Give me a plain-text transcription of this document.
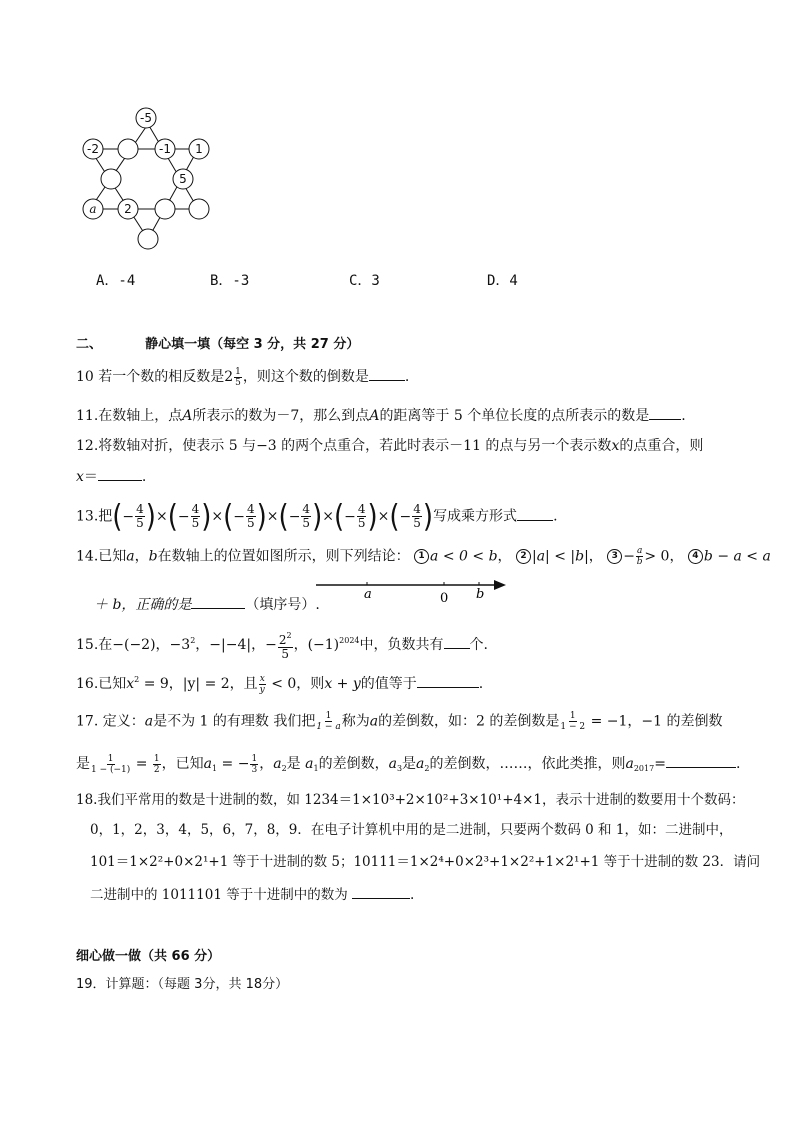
-5
-2	-1 1
5
a 2
A．-4	B．-3	C．3	D．4
二、	静心填一填（每空 3 分，共 27 分）
10 若一个数的相反数是$2 \frac{1}{5}$ ，则这个数的倒数是	.
11.在数轴上，点A所表示的数为－7，那么到点A的距离等于 5 个单位长度的点所表示的数是 .
12.将数轴对折，使表示 5 与−3 的两个点重合，若此时表示－11 的点与另一个表示数x的点重合，则
x＝	.
13.把(− $\frac{4}{5}$ )×(− $\frac{4}{5}$ )×(− $\frac{4}{5}$ )×(− $\frac{4}{5}$ )×(− $\frac{4}{5}$ )×(− $\frac{4}{5}$ )写成乘方形式	.
14.已知a，b在数轴上的位置如图所示，则下列结论： 1 a < 0 < b， 2 |a| < |b|， $3 - \frac{a}{b} > 0$， 4 b − a < a
＋ b，正确的是	（填序号）.
a	0 b
15.在−(−2)，$-3^2$，−|−4|，− $\frac{2^2}{5}$ ，$(-1)^{2024}$中，负数共有 个.
16.已知$x^2 = 9$，|y| = 2，且 $\frac{x}{y} < 0$，则x + y的值等于	.
17. 定义：a是不为 1 的有理数 我们把 $\frac{1}{1 - a}$ 称为a的差倒数，如：2 的差倒数是 $\frac{1}{1 - 2} = -1$，−1 的差倒数
是 $\frac{1}{1 - (-1)} = \frac{1}{2}$ ，已知$a_1$ = − $\frac{1}{3}$ ，$a_2$是 $a_1$的差倒数，$a_3$是$a_2$的差倒数，……，依此类推，则$a_{2017}=$	.
18.我们平常用的数是十进制的数，如 1234＝1×10³+2×10²+3×10¹+4×1，表示十进制的数要用十个数码：
0，1，2，3，4，5，6，7，8，9．在电子计算机中用的是二进制，只要两个数码 0 和 1，如：二进制中，
101＝1×2²+0×2¹+1 等于十进制的数 5；10111＝1×2⁴+0×2³+1×2²+1×2¹+1 等于十进制的数 23．请问
二进制中的 1011101 等于十进制中的数为	.
细心做一做（共 66 分）
19．计算题：（每题 3分，共 18分）
